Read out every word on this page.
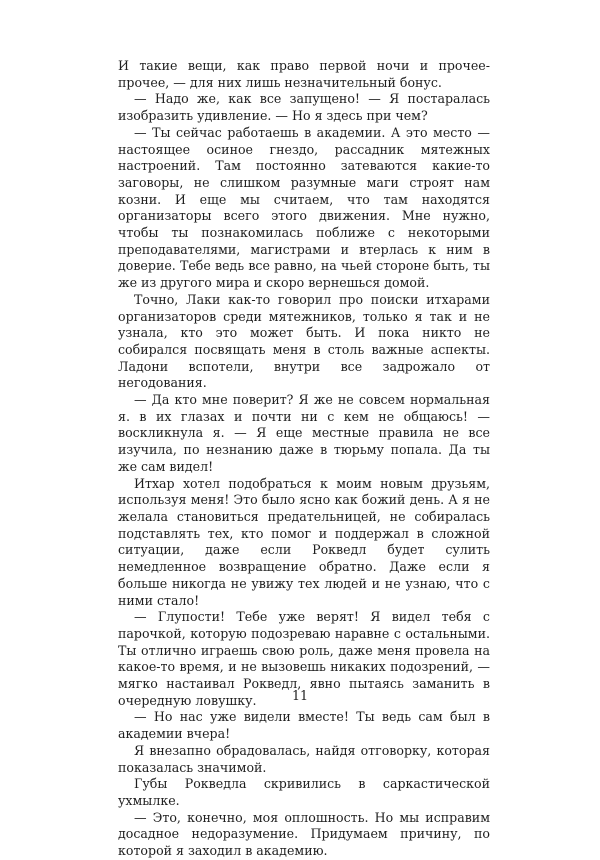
И такие вещи, как право первой ночи и прочее-прочее, — для них лишь незначительный бонус.

— Надо же, как все запущено! — Я постаралась изобразить удивление. — Но я здесь при чем?

— Ты сейчас работаешь в академии. А это место — настоящее осиное гнездо, рассадник мятежных настроений. Там постоянно затеваются какие-то заговоры, не слишком разумные маги строят нам козни. И еще мы считаем, что там находятся организаторы всего этого движения. Мне нужно, чтобы ты познакомилась поближе с некоторыми преподавателями, магистрами и втерлась к ним в доверие. Тебе ведь все равно, на чьей стороне быть, ты же из другого мира и скоро вернешься домой.

Точно, Лаки как-то говорил про поиски итхарами организаторов среди мятежников, только я так и не узнала, кто это может быть. И пока никто не собирался посвящать меня в столь важные аспекты. Ладони вспотели, внутри все задрожало от негодования.

— Да кто мне поверит? Я же не совсем нормальная я. в их глазах и почти ни с кем не общаюсь! — воскликнула я. — Я еще местные правила не все изучила, по незнанию даже в тюрьму попала. Да ты же сам видел!

Итхар хотел подобраться к моим новым друзьям, используя меня! Это было ясно как божий день. А я не желала становиться предательницей, не собиралась подставлять тех, кто помог и поддержал в сложной ситуации, даже если Рокведл будет сулить немедленное возвращение обратно. Даже если я больше никогда не увижу тех людей и не узнаю, что с ними стало!

— Глупости! Тебе уже верят! Я видел тебя с парочкой, которую подозреваю наравне с остальными. Ты отлично играешь свою роль, даже меня провела на какое-то время, и не вызовешь никаких подозрений, — мягко настаивал Рокведл, явно пытаясь заманить в очередную ловушку.

— Но нас уже видели вместе! Ты ведь сам был в академии вчера!

Я внезапно обрадовалась, найдя отговорку, которая показалась значимой.

Губы Рокведла скривились в саркастической ухмылке.

— Это, конечно, моя оплошность. Но мы исправим досадное недоразумение. Придумаем причину, по которой я заходил в академию.

11
